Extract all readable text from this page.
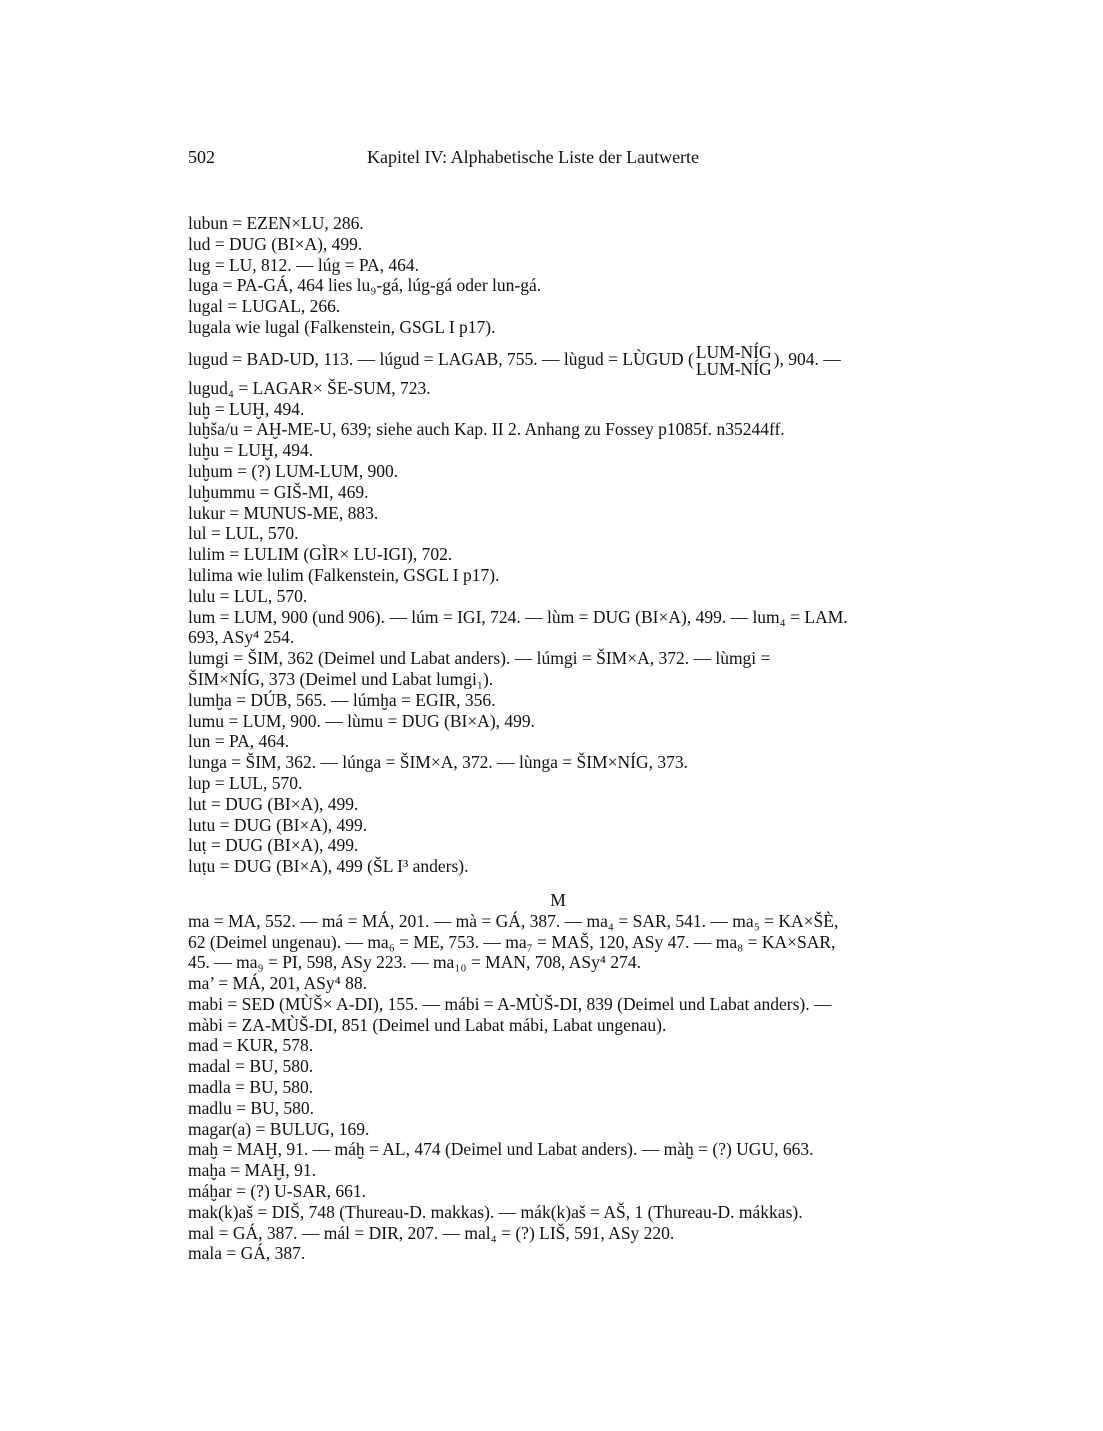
502	Kapitel IV: Alphabetische Liste der Lautwerte
lubun = EZEN×LU, 286.
lud = DUG (BI×A), 499.
lug = LU, 812. — lúg = PA, 464.
luga = PA-GÁ, 464 lies lu₉-gá, lúg-gá oder lun-gá.
lugal = LUGAL, 266.
lugala wie lugal (Falkenstein, GSGL I p17).
lugud = BAD-UD, 113. — lúgud = LAGAB, 755. — lùgud = LÙGUD ( LUM-NÍG
LUM-NÍG ), 904. —
lugud₄ = LAGAR× ŠE-SUM, 723.
luḫ = LUḪ, 494.
luḫša/u = AḪ-ME-U, 639; siehe auch Kap. II 2. Anhang zu Fossey p1085f. n35244ff.
luḫu = LUḪ, 494.
luḫum = (?) LUM-LUM, 900.
luḫummu = GIŠ-MI, 469.
lukur = MUNUS-ME, 883.
lul = LUL, 570.
lulim = LULIM (GÌR× LU-IGI), 702.
lulima wie lulim (Falkenstein, GSGL I p17).
lulu = LUL, 570.
lum = LUM, 900 (und 906). — lúm = IGI, 724. — lùm = DUG (BI×A), 499. — lum₄ = LAM.
693, ASy⁴ 254.
lumgi = ŠIM, 362 (Deimel und Labat anders). — lúmgi = ŠIM×A, 372. — lùmgi =
ŠIM×NÍG, 373 (Deimel und Labat lumgi₁).
lumḫa = DÚB, 565. — lúmḫa = EGIR, 356.
lumu = LUM, 900. — lùmu = DUG (BI×A), 499.
lun = PA, 464.
lunga = ŠIM, 362. — lúnga = ŠIM×A, 372. — lùnga = ŠIM×NÍG, 373.
lup = LUL, 570.
lut = DUG (BI×A), 499.
lutu = DUG (BI×A), 499.
luṭ = DUG (BI×A), 499.
luṭu = DUG (BI×A), 499 (ŠL I³ anders).
M
ma = MA, 552. — má = MÁ, 201. — mà = GÁ, 387. — ma₄ = SAR, 541. — ma₅ = KA×ŠÈ,
62 (Deimel ungenau). — ma₆ = ME, 753. — ma₇ = MAŠ, 120, ASy 47. — ma₈ = KA×SAR,
45. — ma₉ = PI, 598, ASy 223. — ma₁₀ = MAN, 708, ASy⁴ 274.
ma’ = MÁ, 201, ASy⁴ 88.
mabi = SED (MÙŠ× A-DI), 155. — mábi = A-MÙŠ-DI, 839 (Deimel und Labat anders). —
màbi = ZA-MÙŠ-DI, 851 (Deimel und Labat mábi, Labat ungenau).
mad = KUR, 578.
madal = BU, 580.
madla = BU, 580.
madlu = BU, 580.
magar(a) = BULUG, 169.
maḫ = MAḪ, 91. — máḫ = AL, 474 (Deimel und Labat anders). — màḫ = (?) UGU, 663.
maḫa = MAḪ, 91.
máḫar = (?) U-SAR, 661.
mak(k)aš = DIŠ, 748 (Thureau-D. makkas). — mák(k)aš = AŠ, 1 (Thureau-D. mákkas).
mal = GÁ, 387. — mál = DIR, 207. — mal₄ = (?) LIŠ, 591, ASy 220.
mala = GÁ, 387.
